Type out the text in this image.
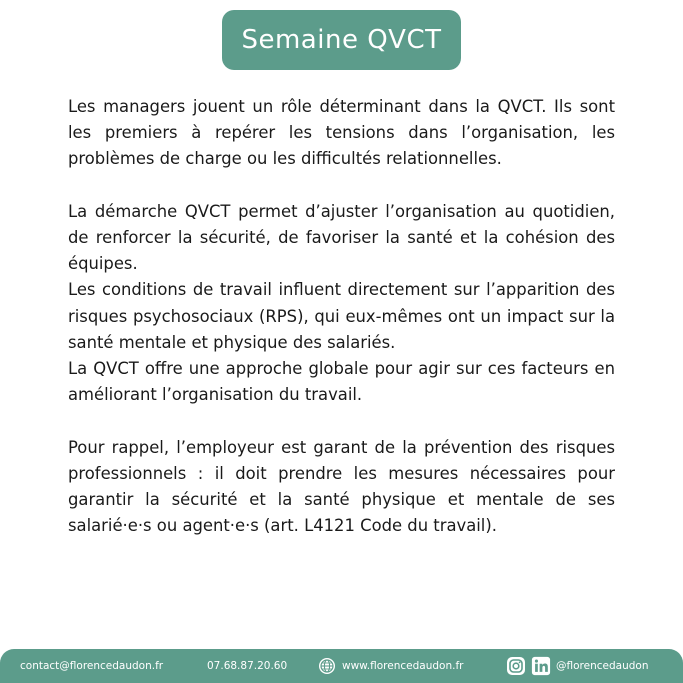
Semaine QVCT

Les managers jouent un rôle déterminant dans la QVCT. Ils sont les premiers à repérer les tensions dans l’organisation, les problèmes de charge ou les difficultés relationnelles.

La démarche QVCT permet d’ajuster l’organisation au quotidien, de renforcer la sécurité, de favoriser la santé et la cohésion des équipes.

Les conditions de travail influent directement sur l’apparition des risques psychosociaux (RPS), qui eux-mêmes ont un impact sur la santé mentale et physique des salariés.

La QVCT offre une approche globale pour agir sur ces facteurs en améliorant l’organisation du travail.

Pour rappel, l’employeur est garant de la prévention des risques professionnels : il doit prendre les mesures nécessaires pour garantir la sécurité et la santé physique et mentale de ses salarié·e·s ou agent·e·s (art. L4121 Code du travail).

contact@florencedaudon.fr	07.68.87.20.60	www.florencedaudon.fr	@florencedaudon
